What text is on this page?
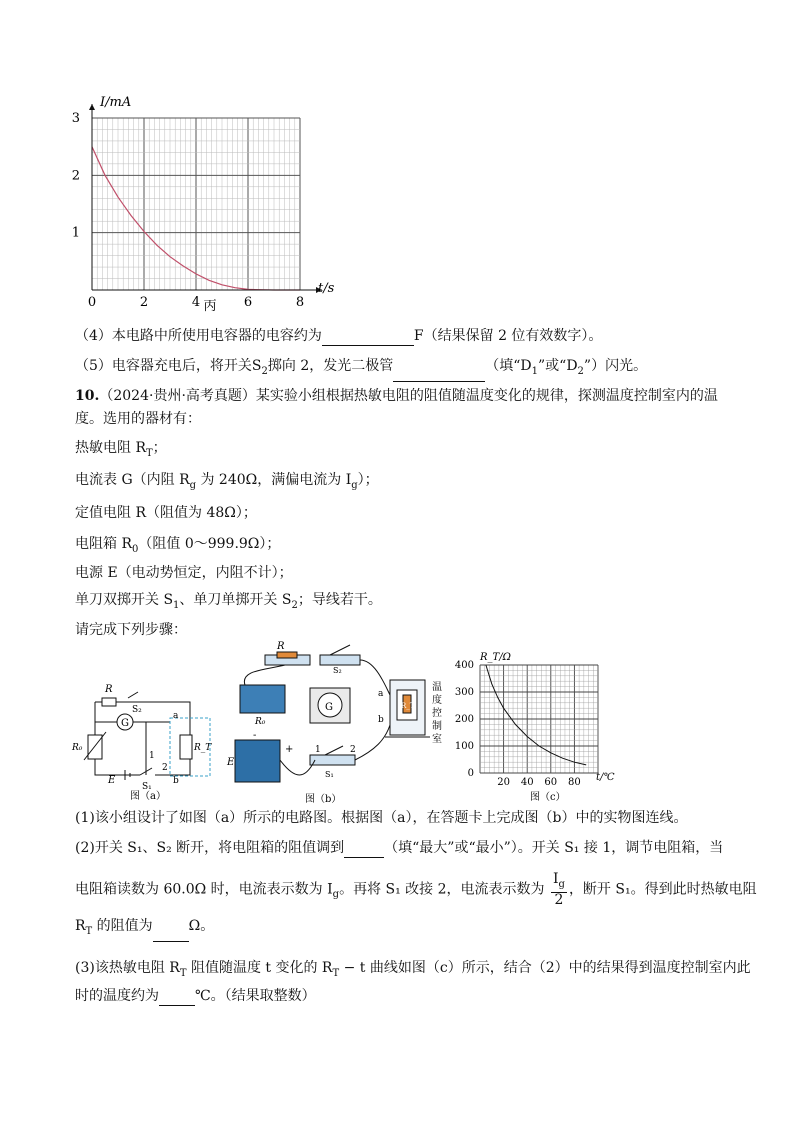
I/mA
t/s
3
2
1
0	2	4	6	8
丙
（4）本电路中所使用电容器的电容约为	F（结果保留 2 位有效数字）。
（5）电容器充电后，将开关$S_2$掷向 2，发光二极管	（填“$D_1$”或“$D_2$”）闪光。
10.（2024·贵州·高考真题）某实验小组根据热敏电阻的阻值随温度变化的规律，探测温度控制室内的温
度。选用的器材有：
热敏电阻 $R_T$；
电流表 G（内阻 $R_g$ 为 240Ω，满偏电流为 $I_g$）；
定值电阻 R（阻值为 48Ω）；
电阻箱 $R_0$（阻值 0～999.9Ω）；
电源 E（电动势恒定，内阻不计）；
单刀双掷开关 $S_1$、单刀单掷开关 $S_2$；导线若干。
请完成下列步骤：
R
S₂
G
a
R₀
1
R_T
E
S₁
2
b
图（a）
R
S₂
a
b
R_T
G
R₀
E
+
-
1	2
S₁
图（b）
温度控制室
R_T/Ω
t/℃
400
300
200
100
0
20 40 60 80
图（c）
(1)该小组设计了如图（a）所示的电路图。根据图（a），在答题卡上完成图（b）中的实物图连线。
(2)开关 S₁、S₂ 断开，将电阻箱的阻值调到	（填“最大”或“最小”）。开关 S₁ 接 1，调节电阻箱，当
电阻箱读数为 60.0Ω 时，电流表示数为 $I_g$。再将 S₁ 改接 2，电流表示数为 $\frac{I_g}{2}$ ，断开 S₁。得到此时热敏电阻
$R_T$ 的阻值为	Ω。
(3)该热敏电阻 $R_T$ 阻值随温度 t 变化的 $R_T - t$ 曲线如图（c）所示，结合（2）中的结果得到温度控制室内此
时的温度约为	℃。（结果取整数）
